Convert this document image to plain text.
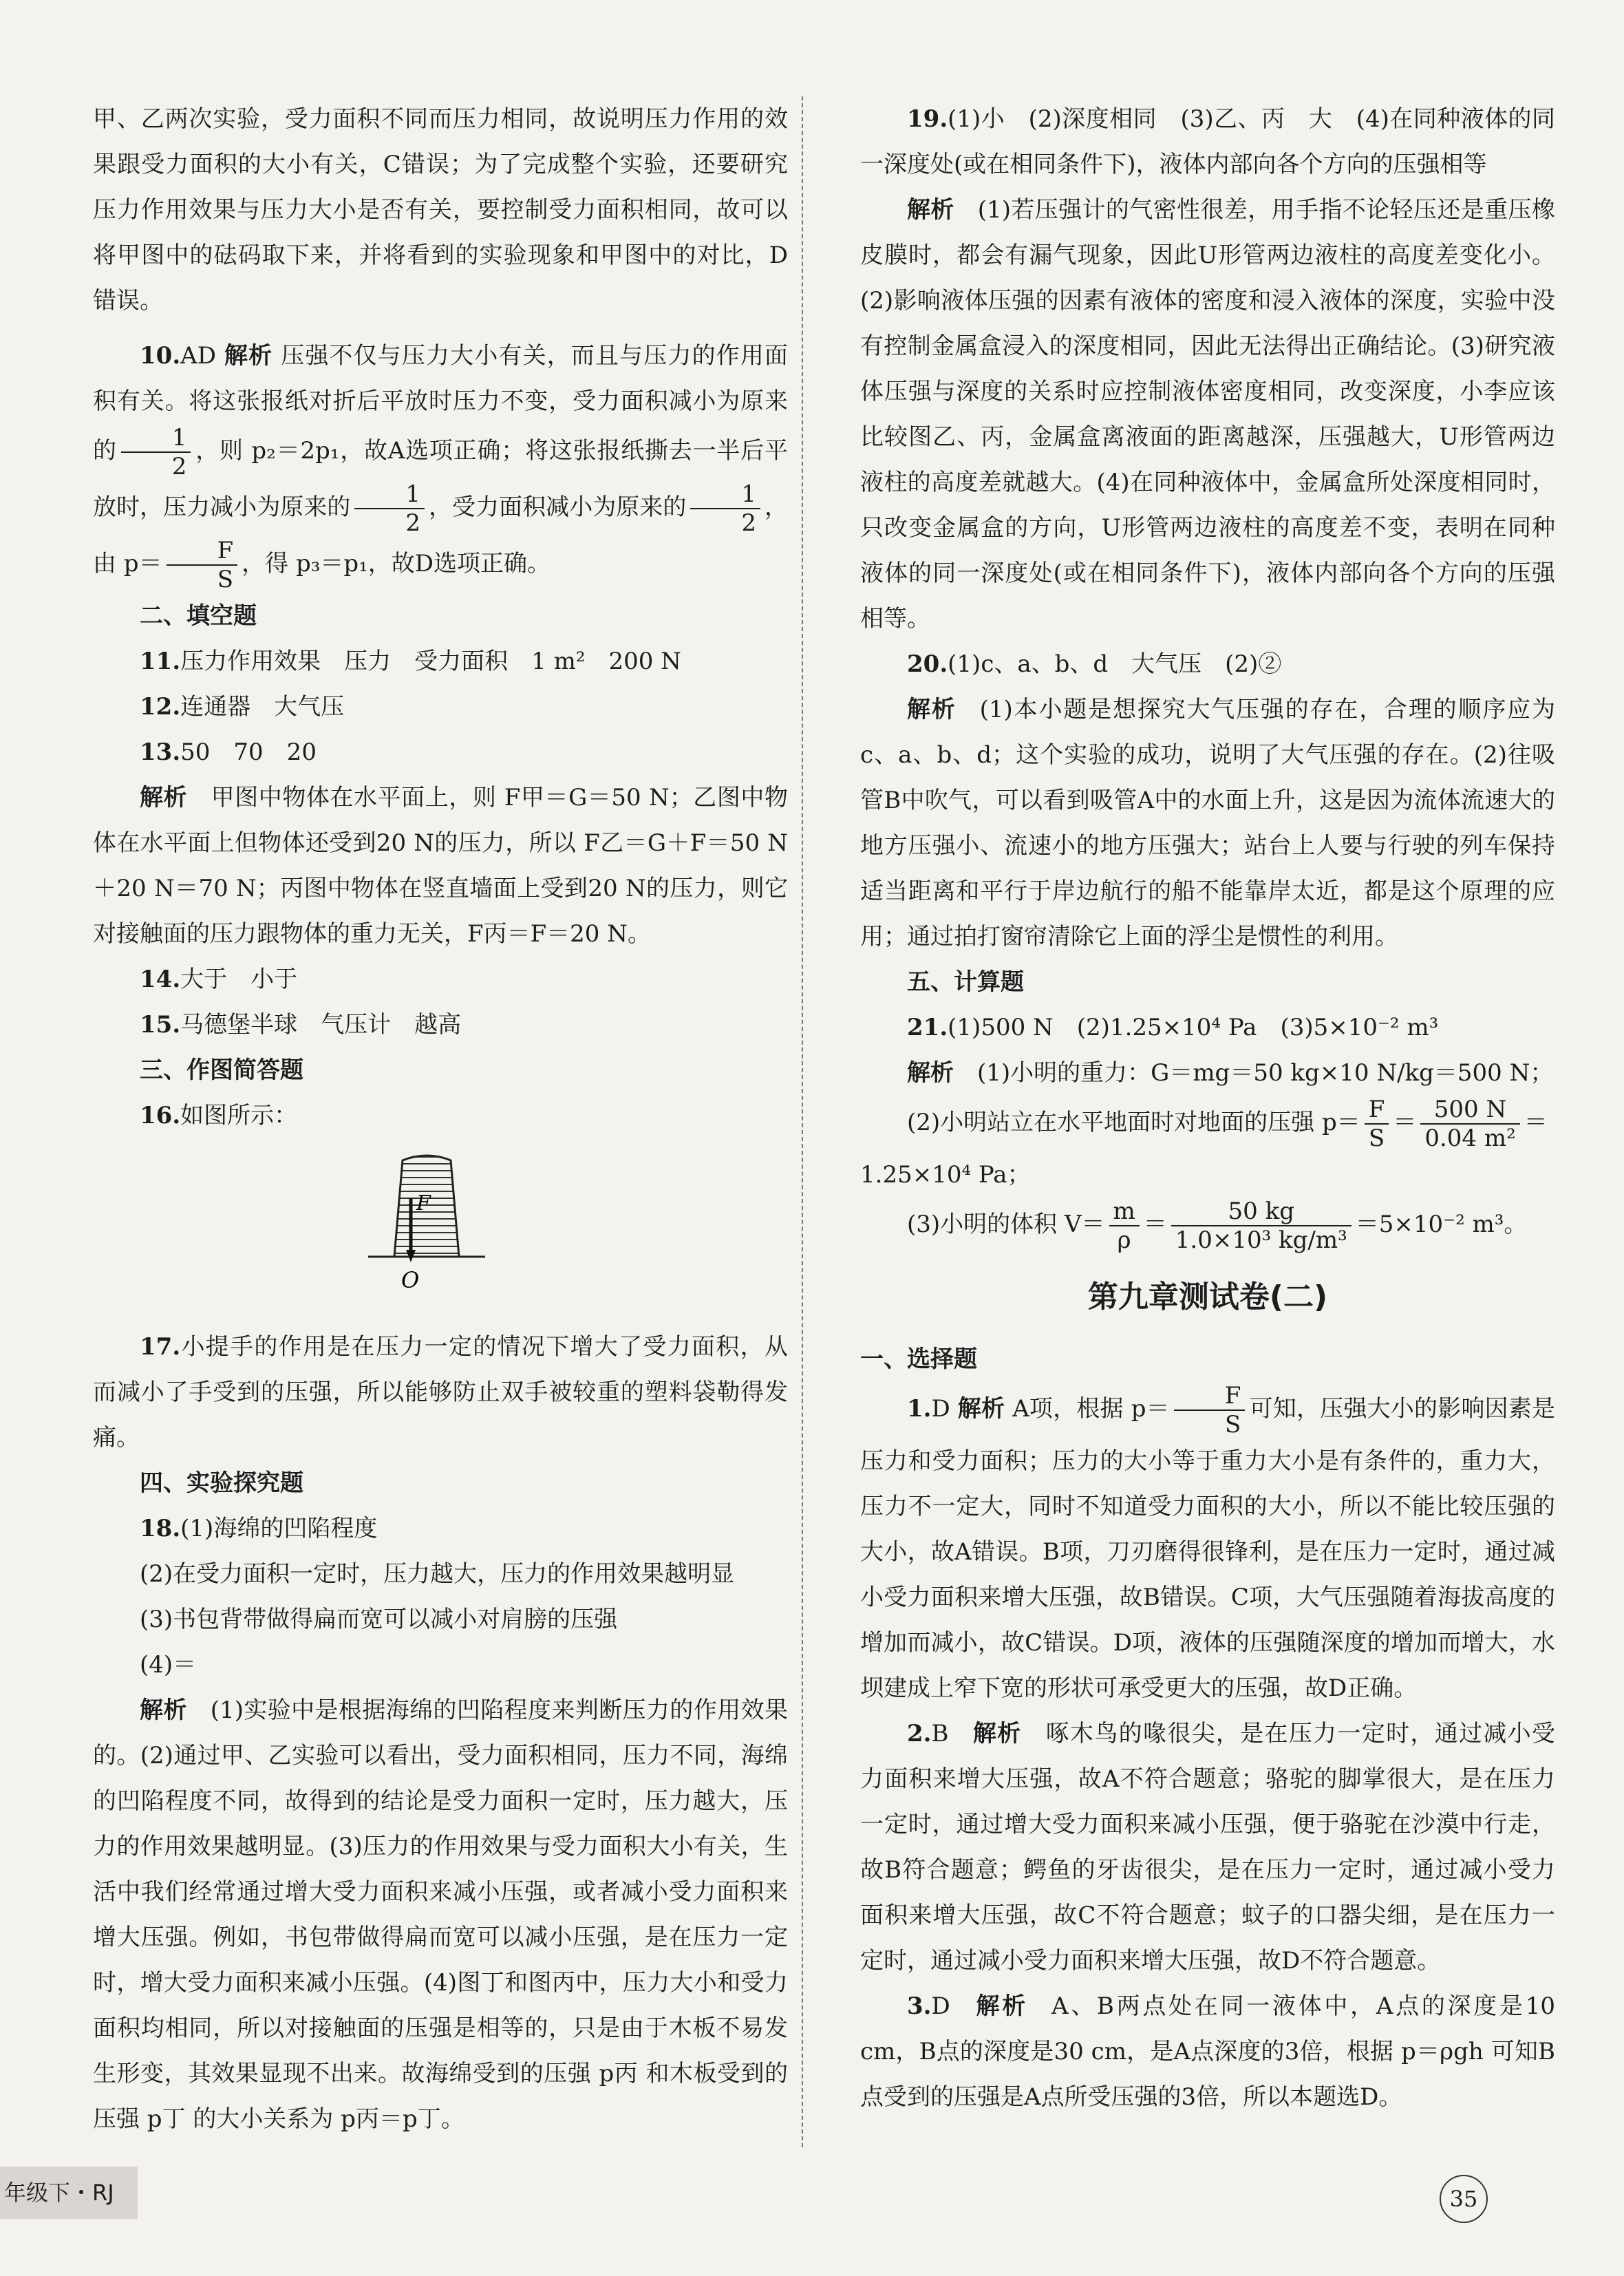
甲、乙两次实验，受力面积不同而压力相同，故说明压力作用的效果跟受力面积的大小有关，C错误；为了完成整个实验，还要研究压力作用效果与压力大小是否有关，要控制受力面积相同，故可以将甲图中的砝码取下来，并将看到的实验现象和甲图中的对比，D错误。

10.AD 解析 压强不仅与压力大小有关，而且与压力的作用面积有关。将这张报纸对折后平放时压力不变，受力面积减小为原来的 $\frac{1}{2}$ ，则 p₂＝2p₁，故A选项正确；将这张报纸撕去一半后平放时，压力减小为原来的 $\frac{1}{2}$ ，受力面积减小为原来的 $\frac{1}{2}$ ，由 $p= \frac{F}{S}$ ，得 p₃＝p₁，故D选项正确。

二、填空题

11.压力作用效果　压力　受力面积　1 m²　200 N

12.连通器　大气压

13.50　70　20

解析 甲图中物体在水平面上，则 F甲＝G＝50 N；乙图中物体在水平面上但物体还受到20 N的压力，所以 F乙＝G＋F＝50 N＋20 N＝70 N；丙图中物体在竖直墙面上受到20 N的压力，则它对接触面的压力跟物体的重力无关，F丙＝F＝20 N。

14.大于　小于

15.马德堡半球　气压计　越高

三、作图简答题

16.如图所示：

F
O

17.小提手的作用是在压力一定的情况下增大了受力面积，从而减小了手受到的压强，所以能够防止双手被较重的塑料袋勒得发痛。

四、实验探究题

18.(1)海绵的凹陷程度

(2)在受力面积一定时，压力越大，压力的作用效果越明显

(3)书包背带做得扁而宽可以减小对肩膀的压强

(4)＝

解析 (1)实验中是根据海绵的凹陷程度来判断压力的作用效果的。(2)通过甲、乙实验可以看出，受力面积相同，压力不同，海绵的凹陷程度不同，故得到的结论是受力面积一定时，压力越大，压力的作用效果越明显。(3)压力的作用效果与受力面积大小有关，生活中我们经常通过增大受力面积来减小压强，或者减小受力面积来增大压强。例如，书包带做得扁而宽可以减小压强，是在压力一定时，增大受力面积来减小压强。(4)图丁和图丙中，压力大小和受力面积均相同，所以对接触面的压强是相等的，只是由于木板不易发生形变，其效果显现不出来。故海绵受到的压强 p丙 和木板受到的压强 p丁 的大小关系为 p丙＝p丁。

19.(1)小　(2)深度相同　(3)乙、丙　大　(4)在同种液体的同一深度处(或在相同条件下)，液体内部向各个方向的压强相等

解析 (1)若压强计的气密性很差，用手指不论轻压还是重压橡皮膜时，都会有漏气现象，因此U形管两边液柱的高度差变化小。(2)影响液体压强的因素有液体的密度和浸入液体的深度，实验中没有控制金属盒浸入的深度相同，因此无法得出正确结论。(3)研究液体压强与深度的关系时应控制液体密度相同，改变深度，小李应该比较图乙、丙，金属盒离液面的距离越深，压强越大，U形管两边液柱的高度差就越大。(4)在同种液体中，金属盒所处深度相同时，只改变金属盒的方向，U形管两边液柱的高度差不变，表明在同种液体的同一深度处(或在相同条件下)，液体内部向各个方向的压强相等。

20.(1)c、a、b、d　大气压　(2)②

解析 (1)本小题是想探究大气压强的存在，合理的顺序应为c、a、b、d；这个实验的成功，说明了大气压强的存在。(2)往吸管B中吹气，可以看到吸管A中的水面上升，这是因为流体流速大的地方压强小、流速小的地方压强大；站台上人要与行驶的列车保持适当距离和平行于岸边航行的船不能靠岸太近，都是这个原理的应用；通过拍打窗帘清除它上面的浮尘是惯性的利用。

五、计算题

21.(1)500 N　(2)1.25×10⁴ Pa　(3)5×10⁻² m³

解析 (1)小明的重力：G＝mg＝50 kg×10 N/kg＝500 N；

(2)小明站立在水平地面时对地面的压强 $p= \frac{F}{S} = \frac{500 N}{\text{0.04 m²}}$ ＝

1.25×10⁴ Pa；

(3)小明的体积 $V= \frac{m}{\rho} = \frac{50 kg}{\text{1.0×10³ kg/m³}} =5\times 10^{-2}$ m³。

第九章测试卷(二)

一、选择题

1.D 解析 A项，根据 $p= \frac{F}{S}$ 可知，压强大小的影响因素是压力和受力面积；压力的大小等于重力大小是有条件的，重力大，压力不一定大，同时不知道受力面积的大小，所以不能比较压强的大小，故A错误。B项，刀刃磨得很锋利，是在压力一定时，通过减小受力面积来增大压强，故B错误。C项，大气压强随着海拔高度的增加而减小，故C错误。D项，液体的压强随深度的增加而增大，水坝建成上窄下宽的形状可承受更大的压强，故D正确。

2.B 解析 啄木鸟的喙很尖，是在压力一定时，通过减小受力面积来增大压强，故A不符合题意；骆驼的脚掌很大，是在压力一定时，通过增大受力面积来减小压强，便于骆驼在沙漠中行走，故B符合题意；鳄鱼的牙齿很尖，是在压力一定时，通过减小受力面积来增大压强，故C不符合题意；蚊子的口器尖细，是在压力一定时，通过减小受力面积来增大压强，故D不符合题意。

3.D 解析 A、B两点处在同一液体中，A点的深度是10 cm，B点的深度是30 cm，是A点深度的3倍，根据 p＝ρgh 可知B点受到的压强是A点所受压强的3倍，所以本题选D。

年级下・RJ	35
